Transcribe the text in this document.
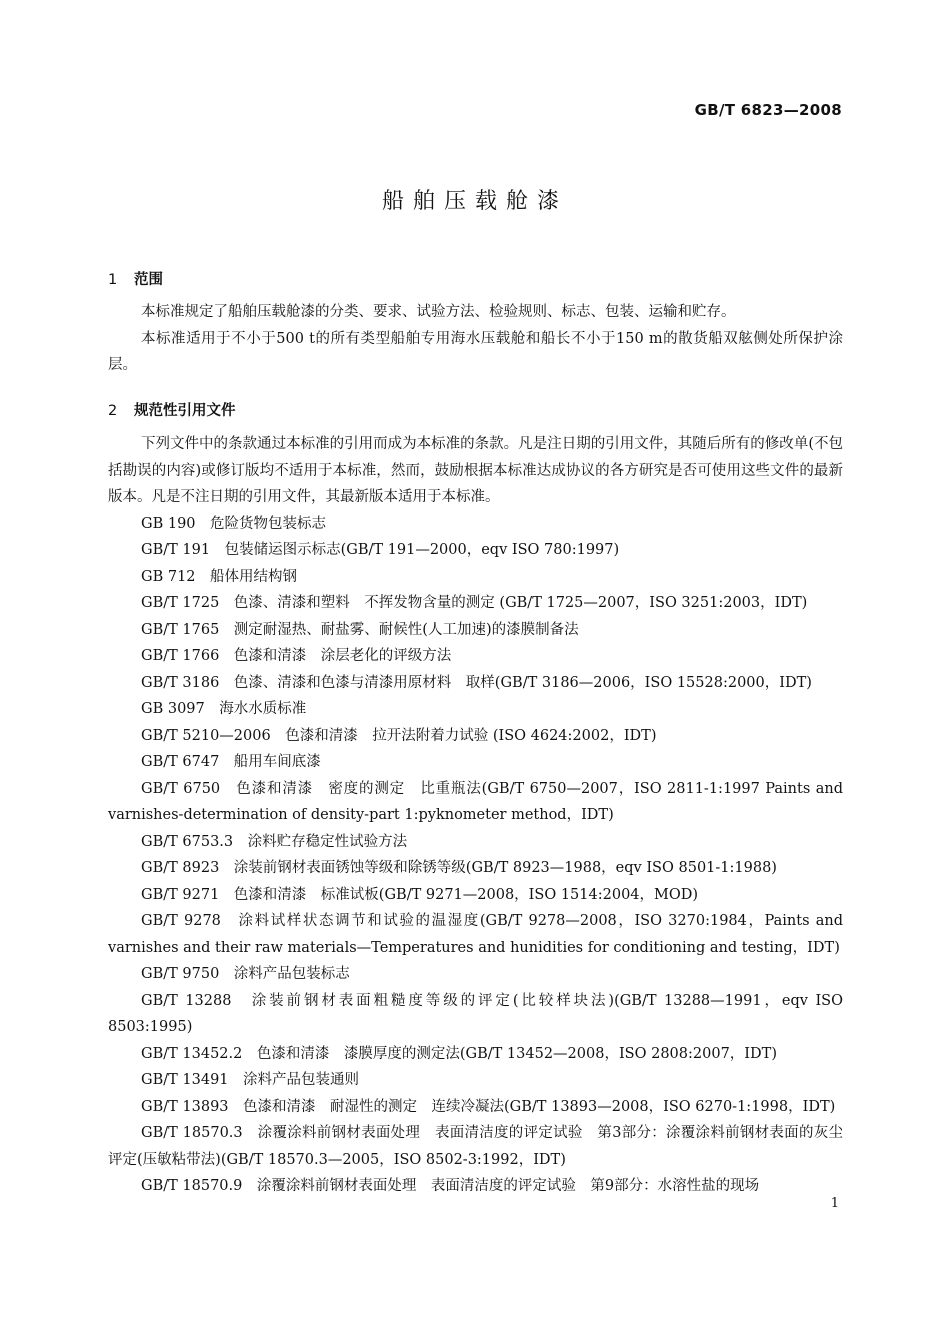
GB/T 6823—2008
船舶压载舱漆
1 范围

本标准规定了船舶压载舱漆的分类、要求、试验方法、检验规则、标志、包装、运输和贮存。

本标准适用于不小于500 t的所有类型船舶专用海水压载舱和船长不小于150 m的散货船双舷侧处所保护涂层。

2 规范性引用文件

下列文件中的条款通过本标准的引用而成为本标准的条款。凡是注日期的引用文件，其随后所有的修改单(不包括勘误的内容)或修订版均不适用于本标准，然而，鼓励根据本标准达成协议的各方研究是否可使用这些文件的最新版本。凡是不注日期的引用文件，其最新版本适用于本标准。

GB 190　危险货物包装标志

GB/T 191　包装储运图示标志(GB/T 191—2000，eqv ISO 780:1997)

GB 712　船体用结构钢

GB/T 1725　色漆、清漆和塑料　不挥发物含量的测定 (GB/T 1725—2007，ISO 3251:2003，IDT)

GB/T 1765　测定耐湿热、耐盐雾、耐候性(人工加速)的漆膜制备法

GB/T 1766　色漆和清漆　涂层老化的评级方法

GB/T 3186　色漆、清漆和色漆与清漆用原材料　取样(GB/T 3186—2006，ISO 15528:2000，IDT)

GB 3097　海水水质标准

GB/T 5210—2006　色漆和清漆　拉开法附着力试验 (ISO 4624:2002，IDT)

GB/T 6747　船用车间底漆

GB/T 6750　色漆和清漆　密度的测定　比重瓶法(GB/T 6750—2007，ISO 2811-1:1997 Paints and varnishes-determination of density-part 1:pyknometer method，IDT)

GB/T 6753.3　涂料贮存稳定性试验方法

GB/T 8923　涂装前钢材表面锈蚀等级和除锈等级(GB/T 8923—1988，eqv ISO 8501-1:1988)

GB/T 9271　色漆和清漆　标准试板(GB/T 9271—2008，ISO 1514:2004，MOD)

GB/T 9278　涂料试样状态调节和试验的温湿度(GB/T 9278—2008，ISO 3270:1984，Paints and varnishes and their raw materials—Temperatures and hunidities for conditioning and testing，IDT)

GB/T 9750　涂料产品包装标志

GB/T 13288　涂装前钢材表面粗糙度等级的评定(比较样块法)(GB/T 13288—1991，eqv ISO 8503:1995)

GB/T 13452.2　色漆和清漆　漆膜厚度的测定法(GB/T 13452—2008，ISO 2808:2007，IDT)

GB/T 13491　涂料产品包装通则

GB/T 13893　色漆和清漆　耐湿性的测定　连续冷凝法(GB/T 13893—2008，ISO 6270-1:1998，IDT)

GB/T 18570.3　涂覆涂料前钢材表面处理　表面清洁度的评定试验　第3部分：涂覆涂料前钢材表面的灰尘评定(压敏粘带法)(GB/T 18570.3—2005，ISO 8502-3:1992，IDT)

GB/T 18570.9　涂覆涂料前钢材表面处理　表面清洁度的评定试验　第9部分：水溶性盐的现场

1
